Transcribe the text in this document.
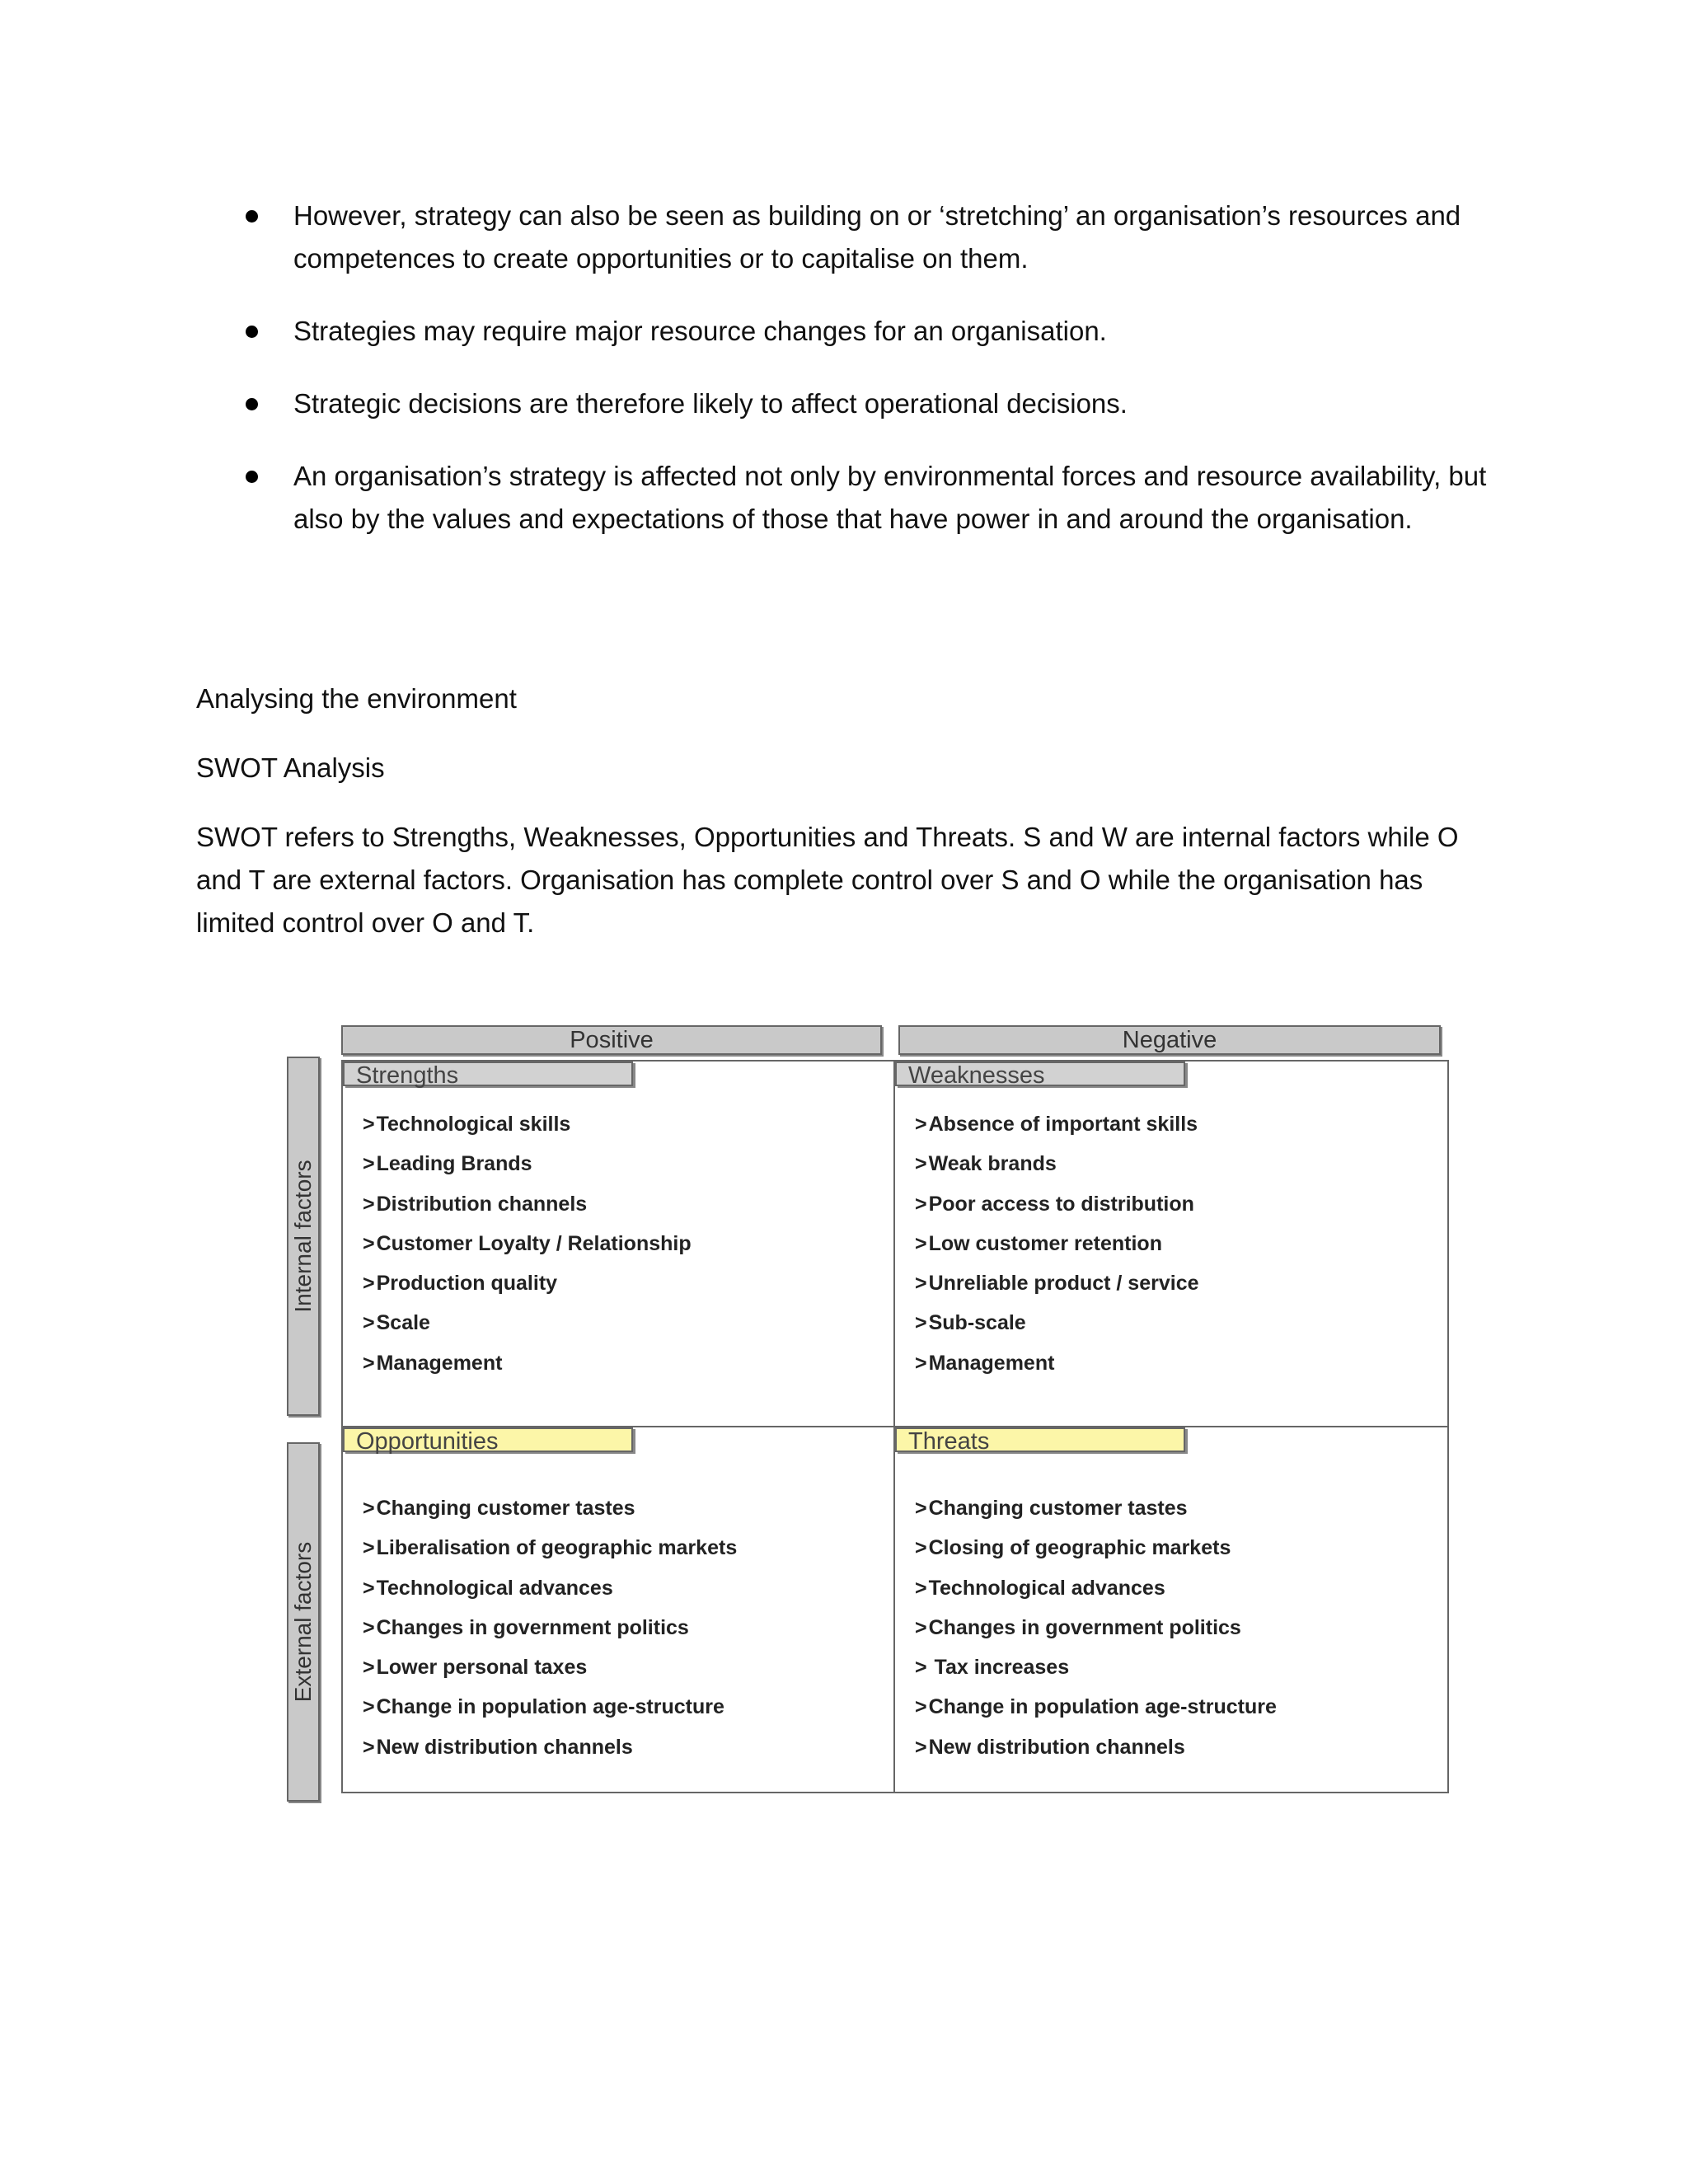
However, strategy can also be seen as building on or ‘stretching’ an organisation’s resources and competences to create opportunities or to capitalise on them.
Strategies may require major resource changes for an organisation.
Strategic decisions are therefore likely to affect operational decisions.
An organisation’s strategy is affected not only by environmental forces and resource availability, but also by the values and expectations of those that have power in and around the organisation.

Analysing the environment

SWOT Analysis

SWOT refers to Strengths, Weaknesses, Opportunities and Threats. S and W are internal factors while O and T are external factors. Organisation has complete control over S and O while the organisation has limited control over O and T.

Positive	Negative
Internal factors
External factors
Strengths
> Technological skills
> Leading Brands
> Distribution channels
> Customer Loyalty / Relationship
> Production quality
> Scale
> Management
Weaknesses
> Absence of important skills
> Weak brands
> Poor access to distribution
> Low customer retention
> Unreliable product / service
> Sub-scale
> Management
Opportunities
> Changing customer tastes
> Liberalisation of geographic markets
> Technological advances
> Changes in government politics
> Lower personal taxes
> Change in population age-structure
> New distribution channels
Threats
> Changing customer tastes
> Closing of geographic markets
> Technological advances
> Changes in government politics
> Tax increases
> Change in population age-structure
> New distribution channels
